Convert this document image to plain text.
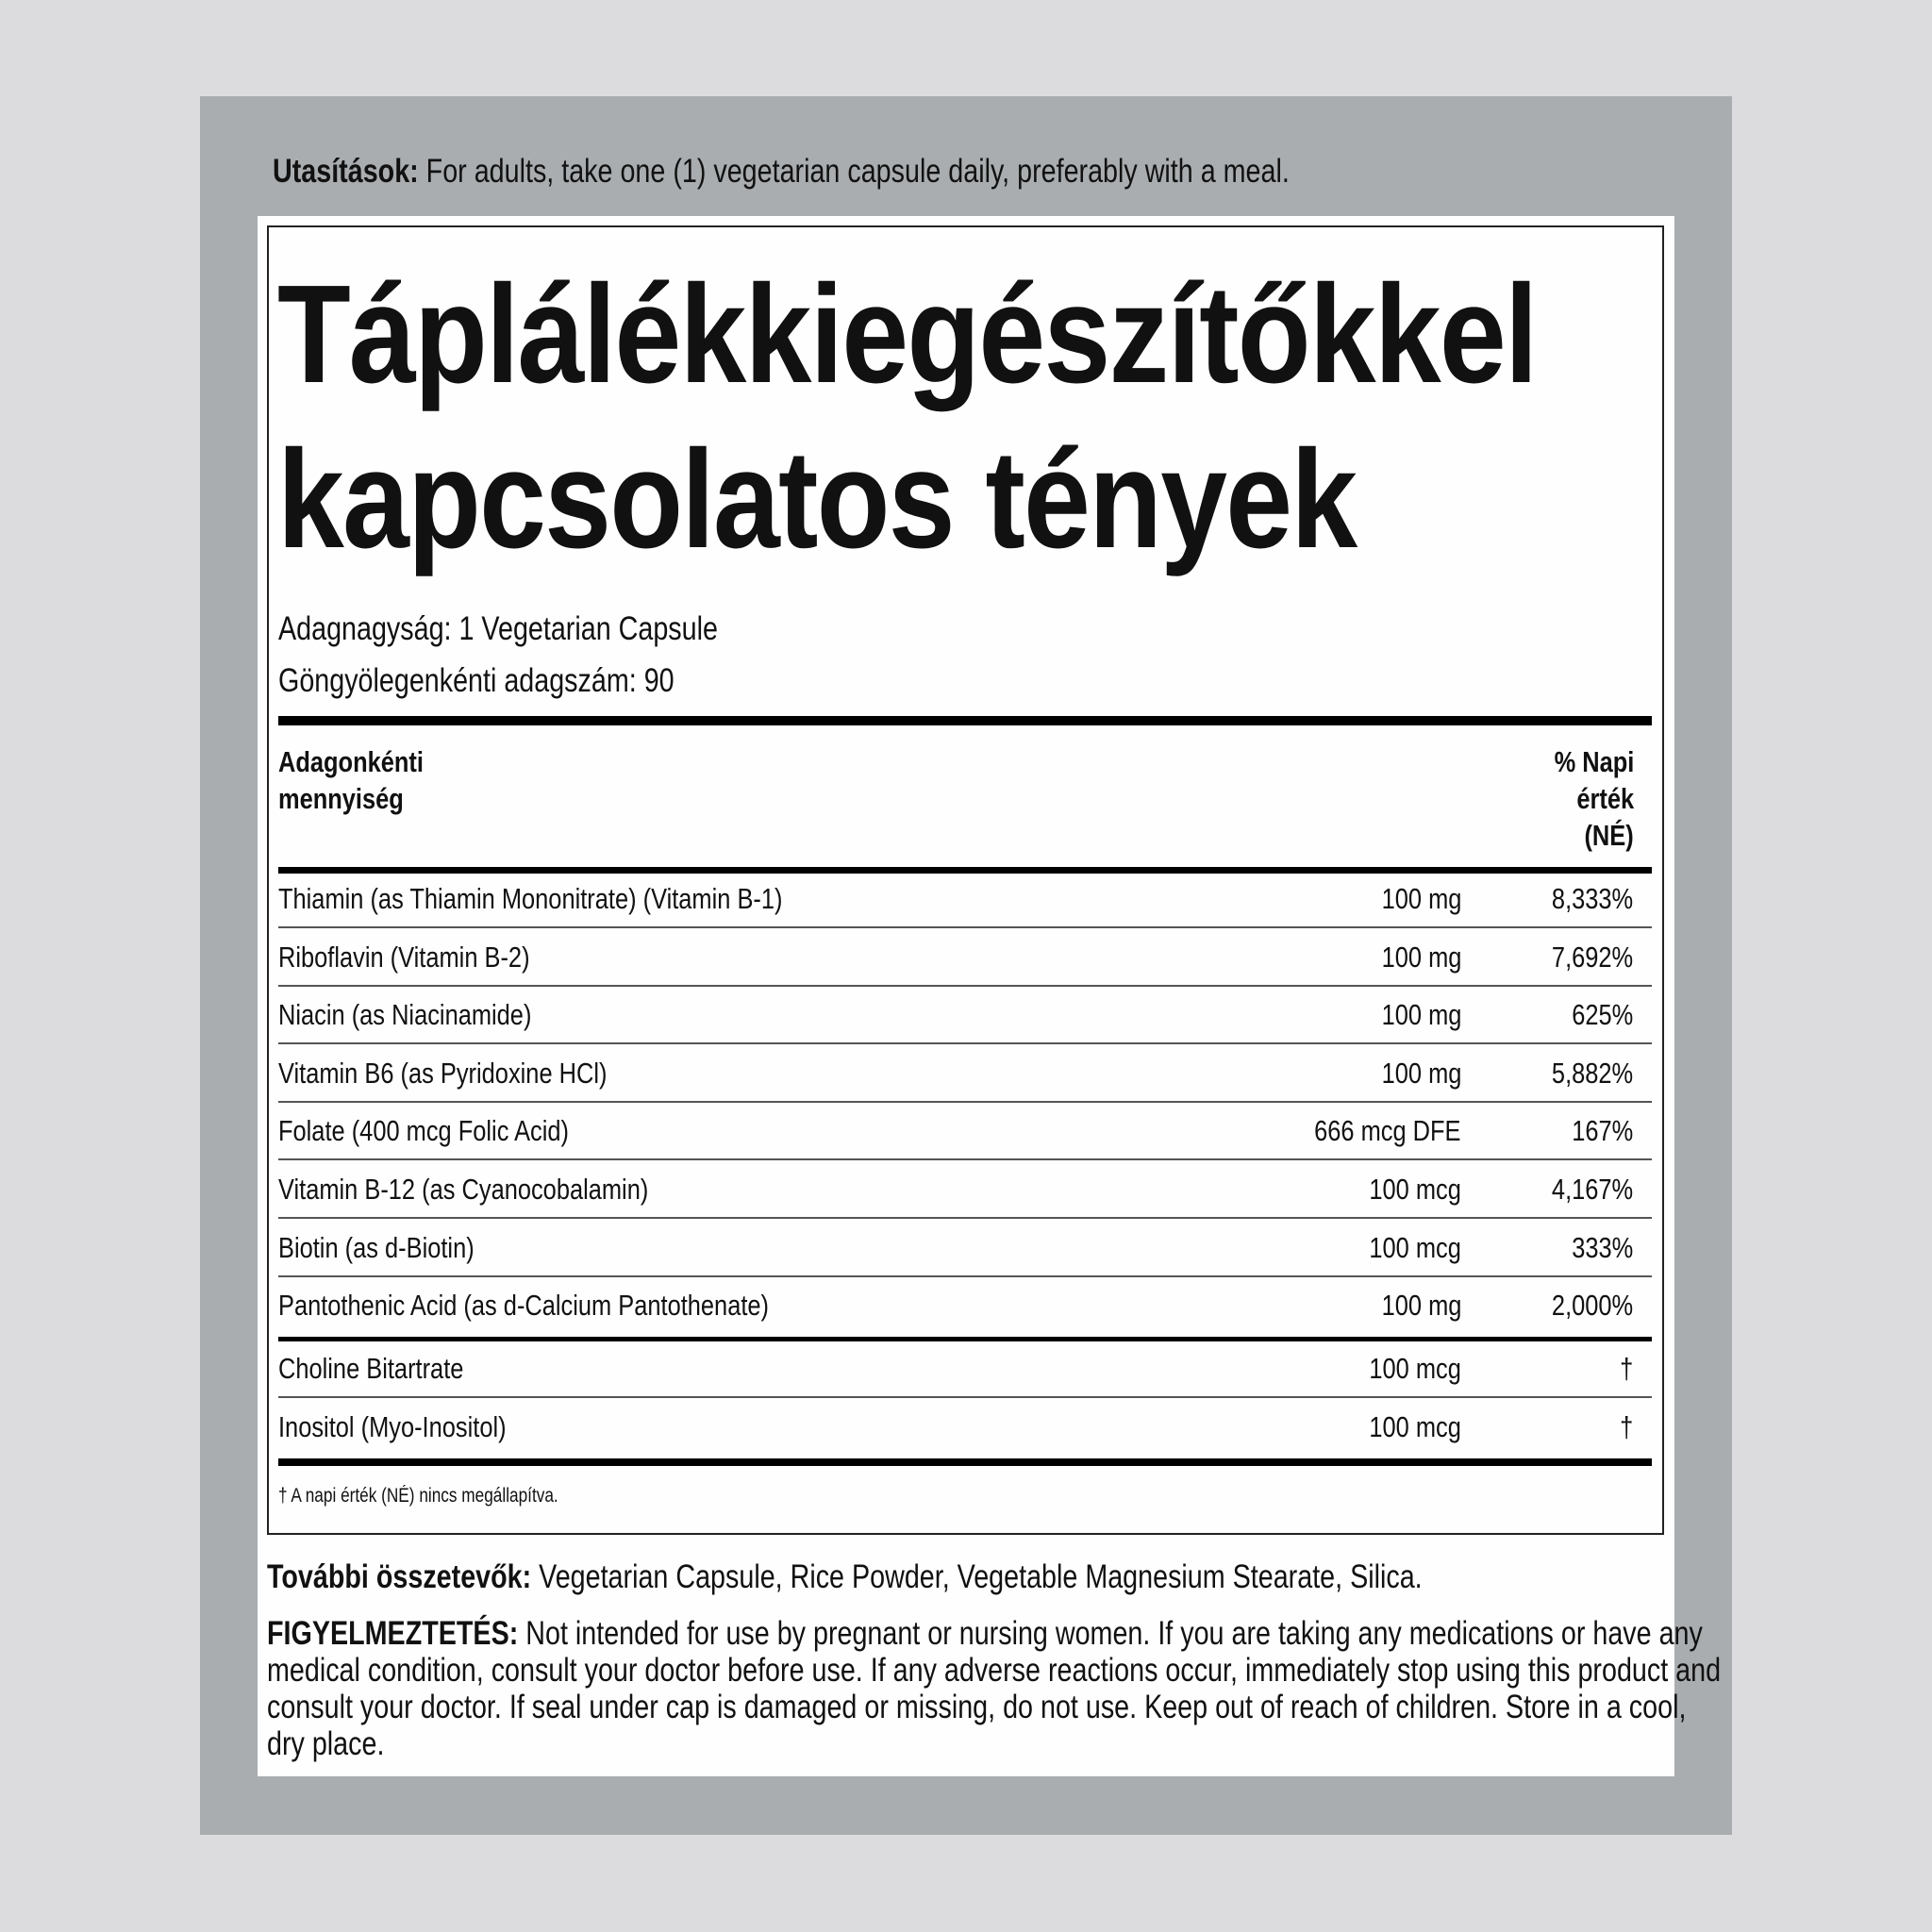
Utasítások: For adults, take one (1) vegetarian capsule daily, preferably with a meal.
Táplálékkiegészítőkkel
kapcsolatos tények
Adagnagyság: 1 Vegetarian Capsule
Göngyölegenkénti adagszám: 90
Adagonkénti
mennyiség
% Napi
érték
(NÉ)
Thiamin (as Thiamin Mononitrate) (Vitamin B-1)	100 mg	8,333%
Riboflavin (Vitamin B-2)	100 mg	7,692%
Niacin (as Niacinamide)	100 mg	625%
Vitamin B6 (as Pyridoxine HCl)	100 mg	5,882%
Folate (400 mcg Folic Acid)	666 mcg DFE	167%
Vitamin B-12 (as Cyanocobalamin)	100 mcg	4,167%
Biotin (as d-Biotin)	100 mcg	333%
Pantothenic Acid (as d-Calcium Pantothenate)	100 mg	2,000%
Choline Bitartrate	100 mcg	†
Inositol (Myo-Inositol)	100 mcg	†
† A napi érték (NÉ) nincs megállapítva.
További összetevők: Vegetarian Capsule, Rice Powder, Vegetable Magnesium Stearate, Silica.
FIGYELMEZTETÉS: Not intended for use by pregnant or nursing women. If you are taking any medications or have any
medical condition, consult your doctor before use. If any adverse reactions occur, immediately stop using this product and
consult your doctor. If seal under cap is damaged or missing, do not use. Keep out of reach of children. Store in a cool,
dry place.
